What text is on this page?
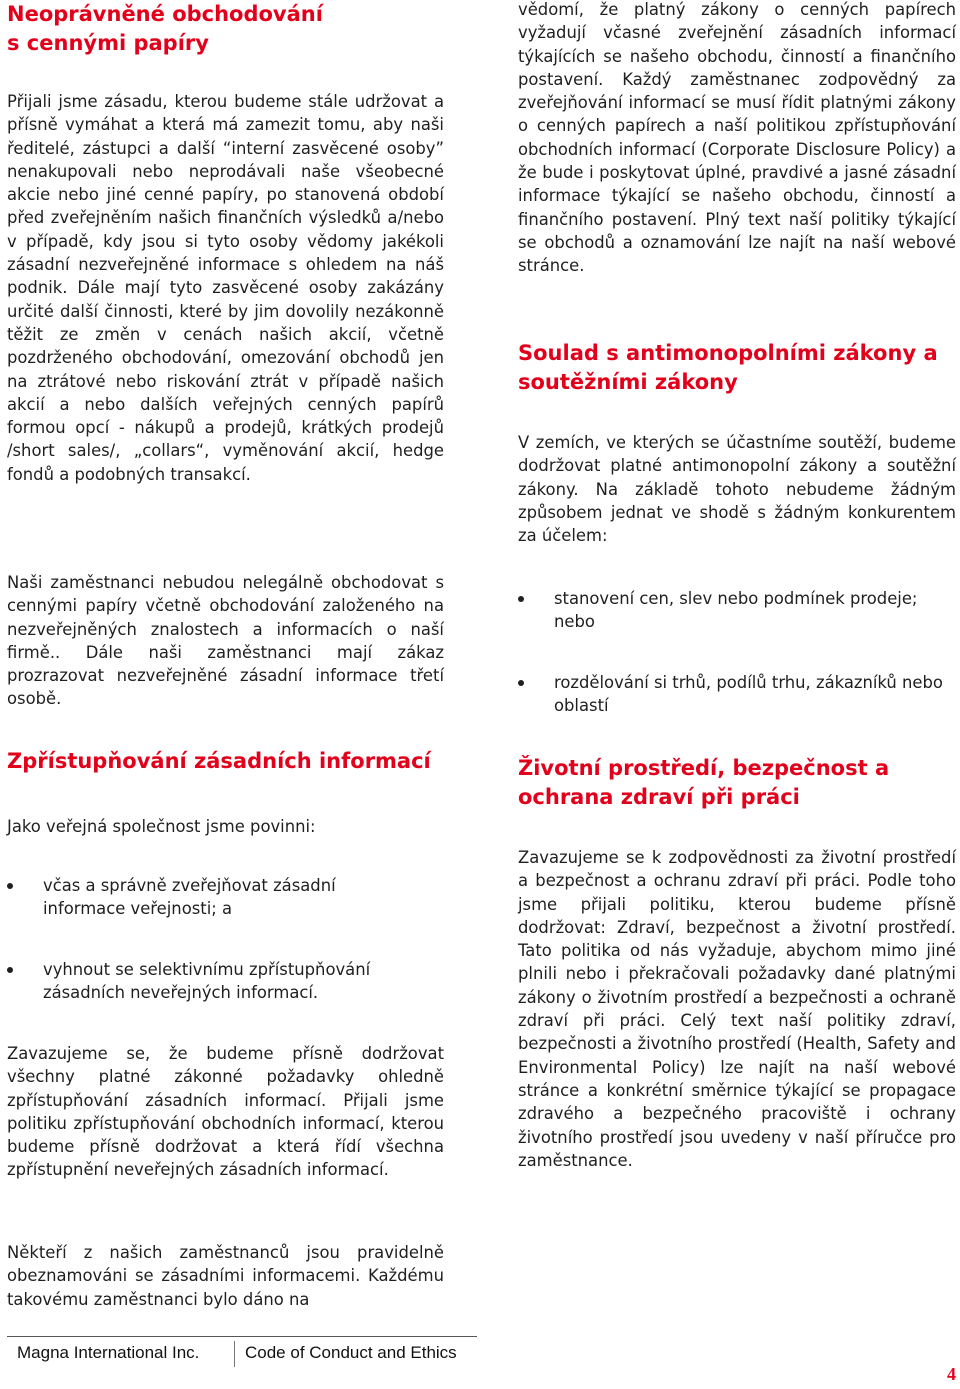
Neoprávněné obchodování s cennými papíry

Přijali jsme zásadu, kterou budeme stále udržovat a přísně vymáhat a která má zamezit tomu, aby naši ředitelé, zástupci a další “interní zasvěcené osoby” nenakupovali nebo neprodávali naše všeobecné akcie nebo jiné cenné papíry, po stanovená období před zveřejněním našich finančních výsledků a/nebo v případě, kdy jsou si tyto osoby vědomy jakékoli zásadní nezveřejněné informace s ohledem na náš podnik. Dále mají tyto zasvěcené osoby zakázány určité další činnosti, které by jim dovolily nezákonně těžit ze změn v cenách našich akcií, včetně pozdrženého obchodování, omezování obchodů jen na ztrátové nebo riskování ztrát v případě našich akcií a nebo dalších veřejných cenných papírů formou opcí - nákupů a prodejů, krátkých prodejů /short sales/, „collars“, vyměnování akcií, hedge fondů a podobných transakcí.

Naši zaměstnanci nebudou nelegálně obchodovat s cennými papíry včetně obchodování založeného na nezveřejněných znalostech a informacích o naší firmě.. Dále naši zaměstnanci mají zákaz prozrazovat nezveřejněné zásadní informace třetí osobě.

Zpřístupňování zásadních informací

Jako veřejná společnost jsme povinni:

včas a správně zveřejňovat zásadní informace veřejnosti; a
vyhnout se selektivnímu zpřístupňování zásadních neveřejných informací.

Zavazujeme se, že budeme přísně dodržovat všechny platné zákonné požadavky ohledně zpřístupňování zásadních informací. Přijali jsme politiku zpřístupňování obchodních informací, kterou budeme přísně dodržovat a která řídí všechna zpřístupnění neveřejných zásadních informací.

Někteří z našich zaměstnanců jsou pravidelně obeznamováni se zásadními informacemi. Každému takovému zaměstnanci bylo dáno na

vědomí, že platný zákony o cenných papírech vyžadují včasné zveřejnění zásadních informací týkajících se našeho obchodu, činností a finančního postavení. Každý zaměstnanec zodpovědný za zveřejňování informací se musí řídit platnými zákony o cenných papírech a naší politikou zpřístupňování obchodních informací (Corporate Disclosure Policy) a že bude i poskytovat úplné, pravdivé a jasné zásadní informace týkající se našeho obchodu, činností a finančního postavení. Plný text naší politiky týkající se obchodů a oznamování lze najít na naší webové stránce.

Soulad s antimonopolními zákony a soutěžními zákony

V zemích, ve kterých se účastníme soutěží, budeme dodržovat platné antimonopolní zákony a soutěžní zákony. Na základě tohoto nebudeme žádným způsobem jednat ve shodě s žádným konkurentem za účelem:

stanovení cen, slev nebo podmínek prodeje; nebo
rozdělování si trhů, podílů trhu, zákazníků nebo oblastí
Životní prostředí, bezpečnost a ochrana zdraví při práci

Zavazujeme se k zodpovědnosti za životní prostředí a bezpečnost a ochranu zdraví při práci. Podle toho jsme přijali politiku, kterou budeme přísně dodržovat: Zdraví, bezpečnost a životní prostředí. Tato politika od nás vyžaduje, abychom mimo jiné plnili nebo i překračovali požadavky dané platnými zákony o životním prostředí a bezpečnosti a ochraně zdraví při práci. Celý text naší politiky zdraví, bezpečnosti a životního prostředí (Health, Safety and Environmental Policy) lze najít na naší webové stránce a konkrétní směrnice týkající se propagace zdravého a bezpečného pracoviště i ochrany životního prostředí jsou uvedeny v naší příručce pro zaměstnance.

Magna International Inc.	Code of Conduct and Ethics
4
